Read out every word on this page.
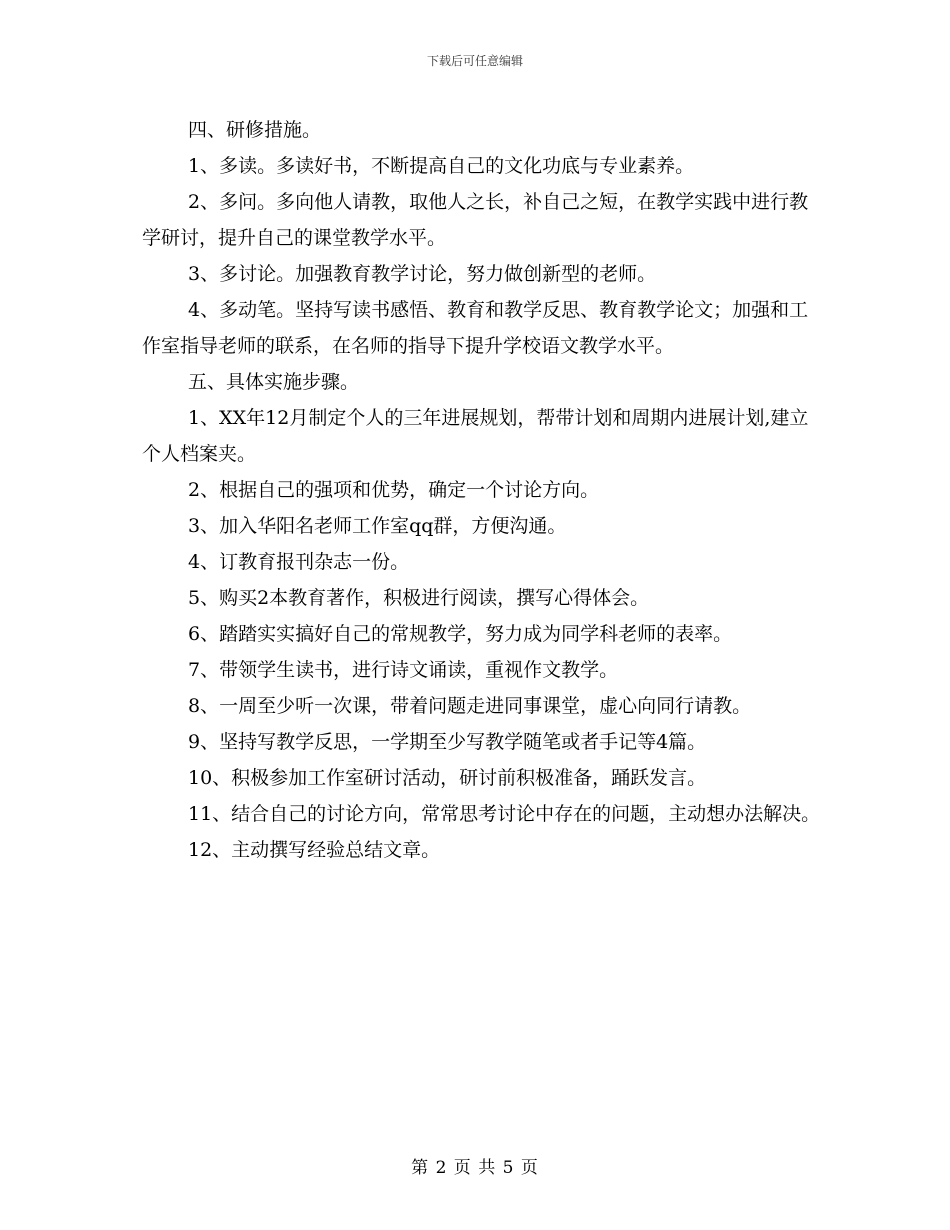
下载后可任意编辑

四、研修措施。

1、多读。多读好书，不断提高自己的文化功底与专业素养。

2、多问。多向他人请教，取他人之长，补自己之短，在教学实践中进行教学研讨，提升自己的课堂教学水平。

3、多讨论。加强教育教学讨论，努力做创新型的老师。

4、多动笔。坚持写读书感悟、教育和教学反思、教育教学论文；加强和工作室指导老师的联系，在名师的指导下提升学校语文教学水平。

五、具体实施步骤。

1、XX年12月制定个人的三年进展规划，帮带计划和周期内进展计划,建立个人档案夹。

2、根据自己的强项和优势，确定一个讨论方向。

3、加入华阳名老师工作室qq群，方便沟通。

4、订教育报刊杂志一份。

5、购买2本教育著作，积极进行阅读，撰写心得体会。

6、踏踏实实搞好自己的常规教学，努力成为同学科老师的表率。

7、带领学生读书，进行诗文诵读，重视作文教学。

8、一周至少听一次课，带着问题走进同事课堂，虚心向同行请教。

9、坚持写教学反思，一学期至少写教学随笔或者手记等4篇。

10、积极参加工作室研讨活动，研讨前积极准备，踊跃发言。

11、结合自己的讨论方向，常常思考讨论中存在的问题，主动想办法解决。

12、主动撰写经验总结文章。

第 2 页 共 5 页
